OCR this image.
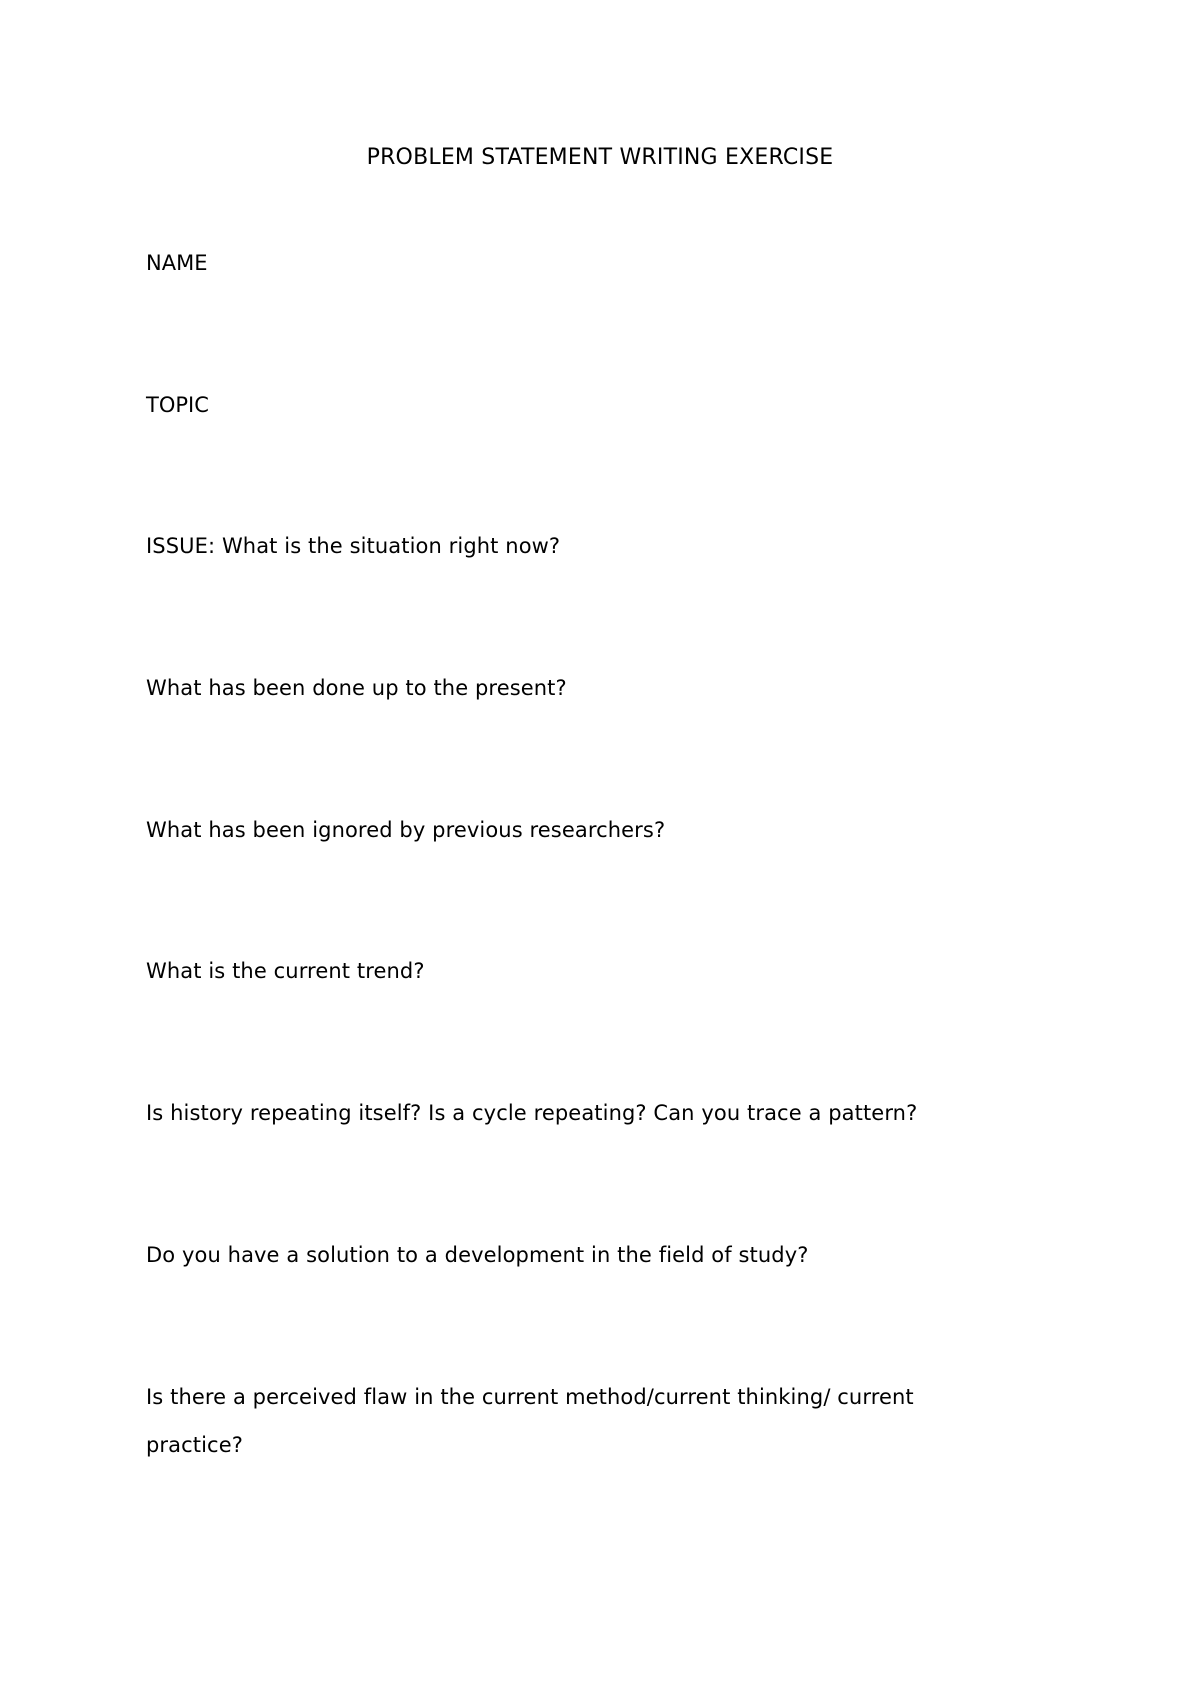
PROBLEM STATEMENT WRITING EXERCISE
NAME
TOPIC
ISSUE: What is the situation right now?
What has been done up to the present?
What has been ignored by previous researchers?
What is the current trend?
Is history repeating itself? Is a cycle repeating? Can you trace a pattern?
Do you have a solution to a development in the field of study?
Is there a perceived flaw in the current method/current thinking/ current practice?
